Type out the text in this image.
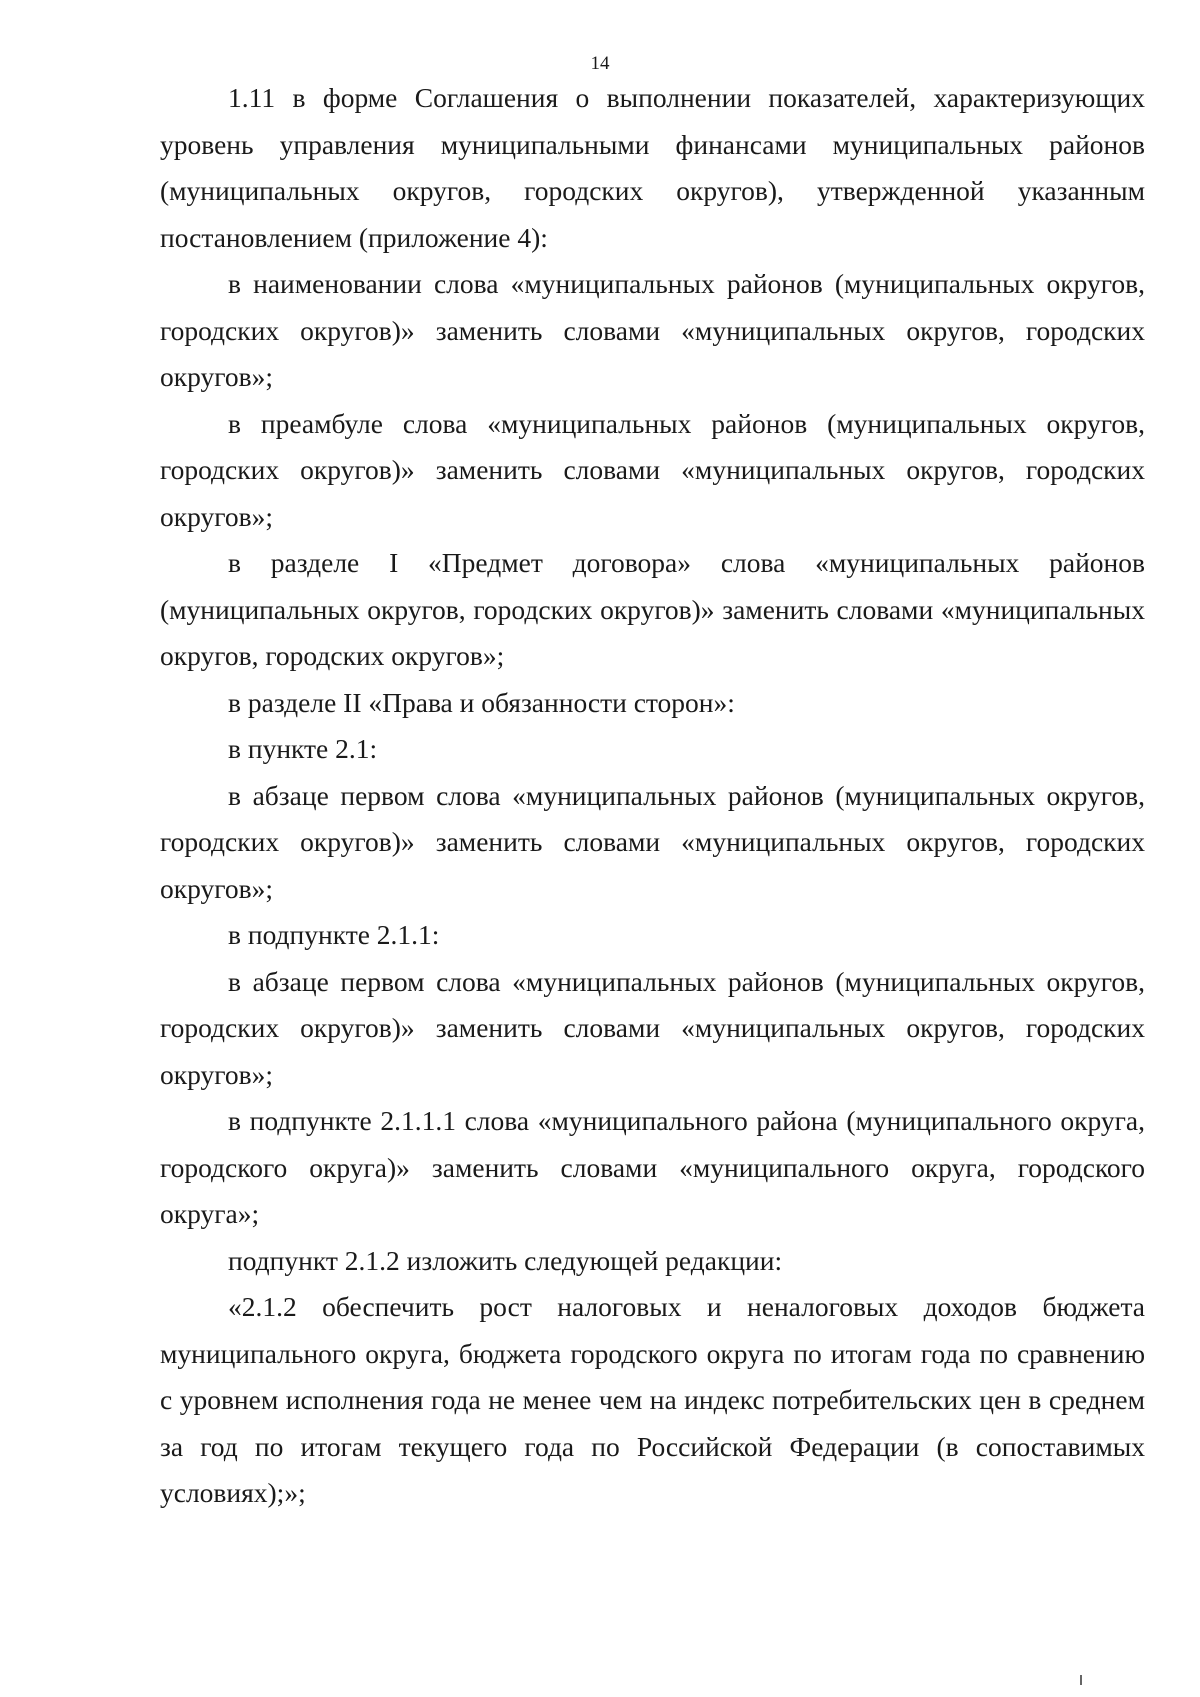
14

1.11 в форме Соглашения о выполнении показателей, характеризующих уровень управления муниципальными финансами муниципальных районов (муниципальных округов, городских округов), утвержденной указанным постановлением (приложение 4):

в наименовании слова «муниципальных районов (муниципальных округов, городских округов)» заменить словами «муниципальных округов, городских округов»;

в преамбуле слова «муниципальных районов (муниципальных округов, городских округов)» заменить словами «муниципальных округов, городских округов»;

в разделе I «Предмет договора» слова «муниципальных районов (муниципальных округов, городских округов)» заменить словами «муниципальных округов, городских округов»;

в разделе II «Права и обязанности сторон»:

в пункте 2.1:

в абзаце первом слова «муниципальных районов (муниципальных округов, городских округов)» заменить словами «муниципальных округов, городских округов»;

в подпункте 2.1.1:

в абзаце первом слова «муниципальных районов (муниципальных округов, городских округов)» заменить словами «муниципальных округов, городских округов»;

в подпункте 2.1.1.1 слова «муниципального района (муниципального округа, городского округа)» заменить словами «муниципального округа, городского округа»;

подпункт 2.1.2 изложить следующей редакции:

«2.1.2 обеспечить рост налоговых и неналоговых доходов бюджета муниципального округа, бюджета городского округа по итогам года по сравнению с уровнем исполнения года не менее чем на индекс потребительских цен в среднем за год по итогам текущего года по Российской Федерации (в сопоставимых условиях);»;
